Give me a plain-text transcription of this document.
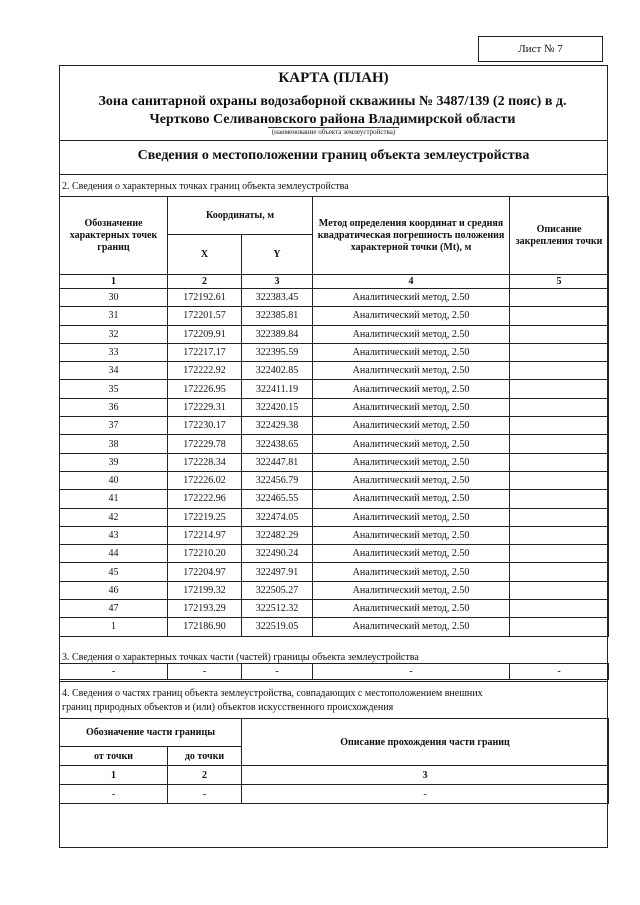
Лист № 7
КАРТА (ПЛАН)
Зона санитарной охраны водозаборной скважины № 3487/139 (2 пояс) в д. Чертково Селивановского района Владимирской области
(наименование объекта землеустройства)
Сведения о местоположении границ объекта землеустройства
2. Сведения о характерных точках границ объекта землеустройства
Обозначение характерных точек границ	Координаты, м		Метод определения координат и средняя квадратическая погрешность положения характерной точки (Mt), м	Описание закрепления точки
	X	Y		
1	2	3	4	5
30	172192.61	322383.45	Аналитический метод, 2.50	
31	172201.57	322385.81	Аналитический метод, 2.50	
32	172209.91	322389.84	Аналитический метод, 2.50	
33	172217.17	322395.59	Аналитический метод, 2.50	
34	172222.92	322402.85	Аналитический метод, 2.50	
35	172226.95	322411.19	Аналитический метод, 2.50	
36	172229.31	322420.15	Аналитический метод, 2.50	
37	172230.17	322429.38	Аналитический метод, 2.50	
38	172229.78	322438.65	Аналитический метод, 2.50	
39	172228.34	322447.81	Аналитический метод, 2.50	
40	172226.02	322456.79	Аналитический метод, 2.50	
41	172222.96	322465.55	Аналитический метод, 2.50	
42	172219.25	322474.05	Аналитический метод, 2.50	
43	172214.97	322482.29	Аналитический метод, 2.50	
44	172210.20	322490.24	Аналитический метод, 2.50	
45	172204.97	322497.91	Аналитический метод, 2.50	
46	172199.32	322505.27	Аналитический метод, 2.50	
47	172193.29	322512.32	Аналитический метод, 2.50	
1	172186.90	322519.05	Аналитический метод, 2.50	
3. Сведения о характерных точках части (частей) границы объекта землеустройства
-	-	-	-	-
4. Сведения о частях границ объекта землеустройства, совпадающих с местоположением внешних
границ природных объектов и (или) объектов искусственного происхождения
Обозначение части границы		Описание прохождения части границ
от точки	до точки	
1	2	3
-	-	-
